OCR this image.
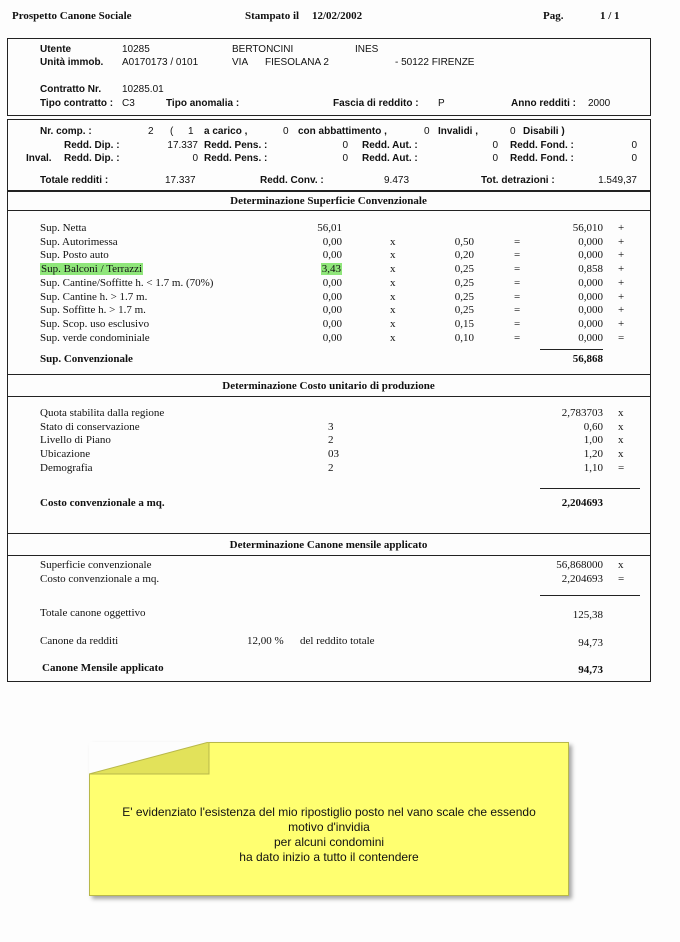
Prospetto Canone Sociale	Stampato il 12/02/2002	Pag.	1 / 1
Utente	10285	BERTONCINI	INES
Unità immob. A0170173 / 0101	VIA FIESOLANA 2	- 50122 FIRENZE
Contratto Nr. 10285.01
Tipo contratto : C3	Tipo anomalia :	Fascia di reddito : P	Anno redditi : 2000
Nr. comp. :	2 ( 1 a carico ,	0 con abbattimento ,	0 Invalidi ,	0 Disabili )
Redd. Dip. :	17.337 Redd. Pens. :	0 Redd. Aut. :	0 Redd. Fond. :	0
Inval. Redd. Dip. :	0 Redd. Pens. :	0 Redd. Aut. :	0 Redd. Fond. :	0
Totale redditi :	17.337	Redd. Conv. :	9.473	Tot. detrazioni :	1.549,37
Determinazione Superficie Convenzionale
Sup. Netta	56,01	56,010 +
Sup. Autorimessa	0,00	x	0,50	=	0,000 +
Sup. Posto auto	0,00	x	0,20	=	0,000 +
Sup. Balconi / Terrazzi	3,43	x	0,25	=	0,858 +
Sup. Cantine/Soffitte h. < 1.7 m. (70%)	0,00	x	0,25	=	0,000 +
Sup. Cantine h. > 1.7 m.	0,00	x	0,25	=	0,000 +
Sup. Soffitte h. > 1.7 m.	0,00	x	0,25	=	0,000 +
Sup. Scop. uso esclusivo	0,00	x	0,15	=	0,000 +
Sup. verde condominiale	0,00	x	0,10	=	0,000 =
Sup. Convenzionale	56,868
Determinazione Costo unitario di produzione
Quota stabilita dalla regione	2,783703 x
Stato di conservazione	3	0,60 x
Livello di Piano	2	1,00 x
Ubicazione	03	1,20 x
Demografia	2	1,10 =
Costo convenzionale a mq.	2,204693
Determinazione Canone mensile applicato
Superficie convenzionale	56,868000 x
Costo convenzionale a mq.	2,204693 =
Totale canone oggettivo	125,38
Canone da redditi	12,00 % del reddito totale	94,73
Canone Mensile applicato	94,73
E' evidenziato l'esistenza del mio ripostiglio posto nel vano scale che essendo
motivo d'invidia
per alcuni condomini
ha dato inizio a tutto il contendere
